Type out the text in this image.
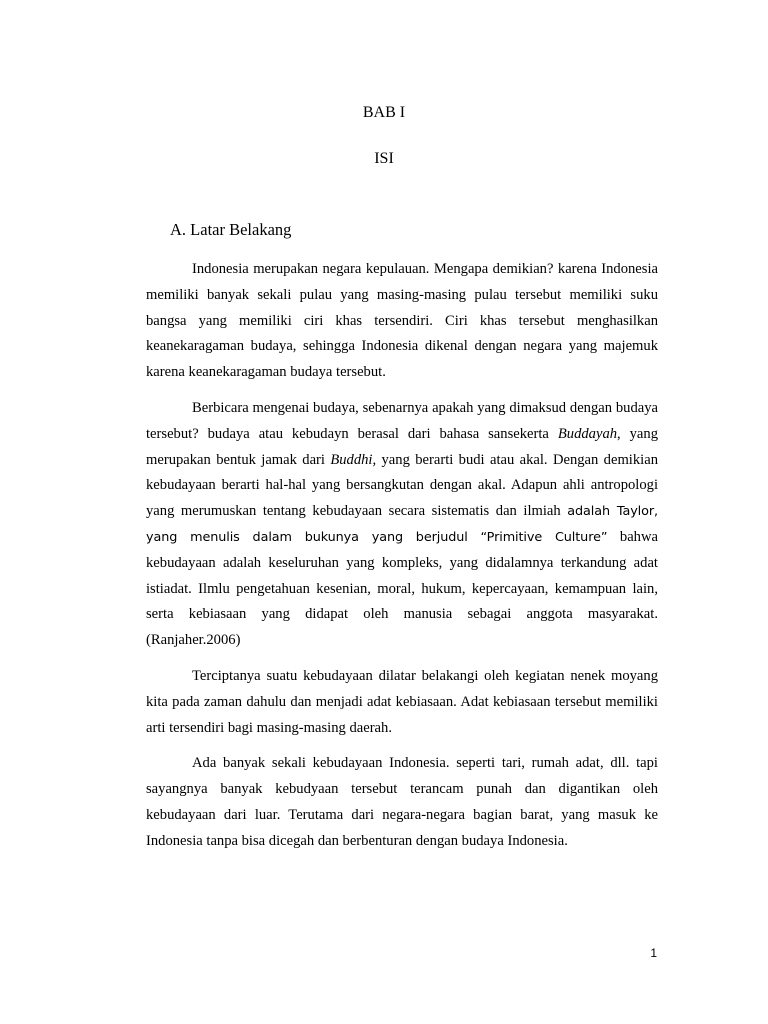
BAB I
ISI
A. Latar Belakang

Indonesia merupakan negara kepulauan. Mengapa demikian? karena Indonesia memiliki banyak sekali pulau yang masing-masing pulau tersebut memiliki suku bangsa yang memiliki ciri khas tersendiri. Ciri khas tersebut menghasilkan keanekaragaman budaya, sehingga Indonesia dikenal dengan negara yang majemuk karena keanekaragaman budaya tersebut.

Berbicara mengenai budaya, sebenarnya apakah yang dimaksud dengan budaya tersebut? budaya atau kebudayn berasal dari bahasa sansekerta Buddayah, yang merupakan bentuk jamak dari Buddhi, yang berarti budi atau akal. Dengan demikian kebudayaan berarti hal-hal yang bersangkutan dengan akal. Adapun ahli antropologi yang merumuskan tentang kebudayaan secara sistematis dan ilmiah adalah Taylor, yang menulis dalam bukunya yang berjudul “Primitive Culture” bahwa kebudayaan adalah keseluruhan yang kompleks, yang didalamnya terkandung adat istiadat. Ilmlu pengetahuan kesenian, moral, hukum, kepercayaan, kemampuan lain, serta kebiasaan yang didapat oleh manusia sebagai anggota masyarakat. (Ranjaher.2006)

Terciptanya suatu kebudayaan dilatar belakangi oleh kegiatan nenek moyang kita pada zaman dahulu dan menjadi adat kebiasaan. Adat kebiasaan tersebut memiliki arti tersendiri bagi masing-masing daerah.

Ada banyak sekali kebudayaan Indonesia. seperti tari, rumah adat, dll. tapi sayangnya banyak kebudyaan tersebut terancam punah dan digantikan oleh kebudayaan dari luar. Terutama dari negara-negara bagian barat, yang masuk ke Indonesia tanpa bisa dicegah dan berbenturan dengan budaya Indonesia.

1
